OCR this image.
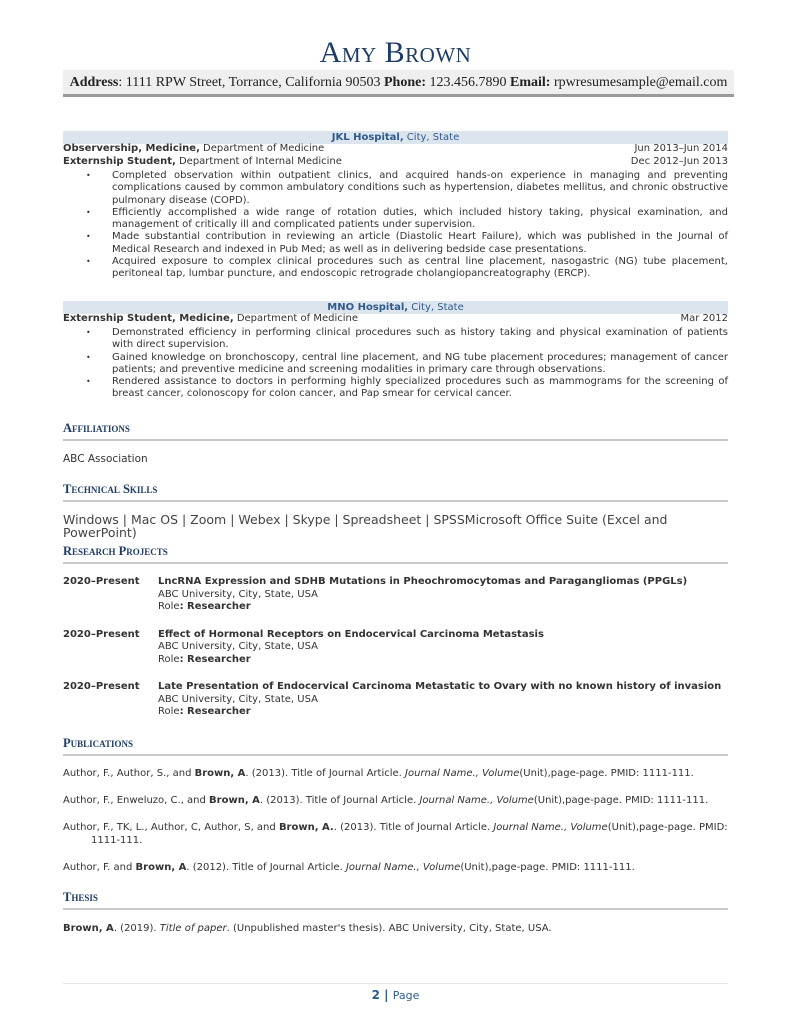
Amy Brown
Address: 1111 RPW Street, Torrance, California 90503 Phone: 123.456.7890 Email: rpwresumesample@email.com
JKL Hospital, City, State
Observership, Medicine, Department of Medicine	Jun 2013–Jun 2014
Externship Student, Department of Internal Medicine	Dec 2012–Jun 2013
• Completed observation within outpatient clinics, and acquired hands-on experience in managing and preventing complications caused by common ambulatory conditions such as hypertension, diabetes mellitus, and chronic obstructive pulmonary disease (COPD).
• Efficiently accomplished a wide range of rotation duties, which included history taking, physical examination, and management of critically ill and complicated patients under supervision.
• Made substantial contribution in reviewing an article (Diastolic Heart Failure), which was published in the Journal of Medical Research and indexed in Pub Med; as well as in delivering bedside case presentations.
• Acquired exposure to complex clinical procedures such as central line placement, nasogastric (NG) tube placement, peritoneal tap, lumbar puncture, and endoscopic retrograde cholangiopancreatography (ERCP).
MNO Hospital, City, State
Externship Student, Medicine, Department of Medicine	Mar 2012
• Demonstrated efficiency in performing clinical procedures such as history taking and physical examination of patients with direct supervision.
• Gained knowledge on bronchoscopy, central line placement, and NG tube placement procedures; management of cancer patients; and preventive medicine and screening modalities in primary care through observations.
• Rendered assistance to doctors in performing highly specialized procedures such as mammograms for the screening of breast cancer, colonoscopy for colon cancer, and Pap smear for cervical cancer.
Affiliations
ABC Association
Technical Skills
Windows | Mac OS | Zoom | Webex | Skype | Spreadsheet | SPSSMicrosoft Office Suite (Excel and PowerPoint)
Research Projects
2020–Present	LncRNA Expression and SDHB Mutations in Pheochromocytomas and Paragangliomas (PPGLs)
ABC University, City, State, USA
Role: Researcher
2020–Present	Effect of Hormonal Receptors on Endocervical Carcinoma Metastasis
ABC University, City, State, USA
Role: Researcher
2020–Present	Late Presentation of Endocervical Carcinoma Metastatic to Ovary with no known history of invasion
ABC University, City, State, USA
Role: Researcher
Publications
Author, F., Author, S., and Brown, A. (2013). Title of Journal Article. Journal Name., Volume(Unit),page-page. PMID: 1111-111.
Author, F., Enweluzo, C., and Brown, A. (2013). Title of Journal Article. Journal Name., Volume(Unit),page-page. PMID: 1111-111.
Author, F., TK, L., Author, C, Author, S, and Brown, A.. (2013). Title of Journal Article. Journal Name., Volume(Unit),page-page. PMID: 1111-111.
Author, F. and Brown, A. (2012). Title of Journal Article. Journal Name., Volume(Unit),page-page. PMID: 1111-111.
Thesis
Brown, A. (2019). Title of paper. (Unpublished master's thesis). ABC University, City, State, USA.
2 | Page
